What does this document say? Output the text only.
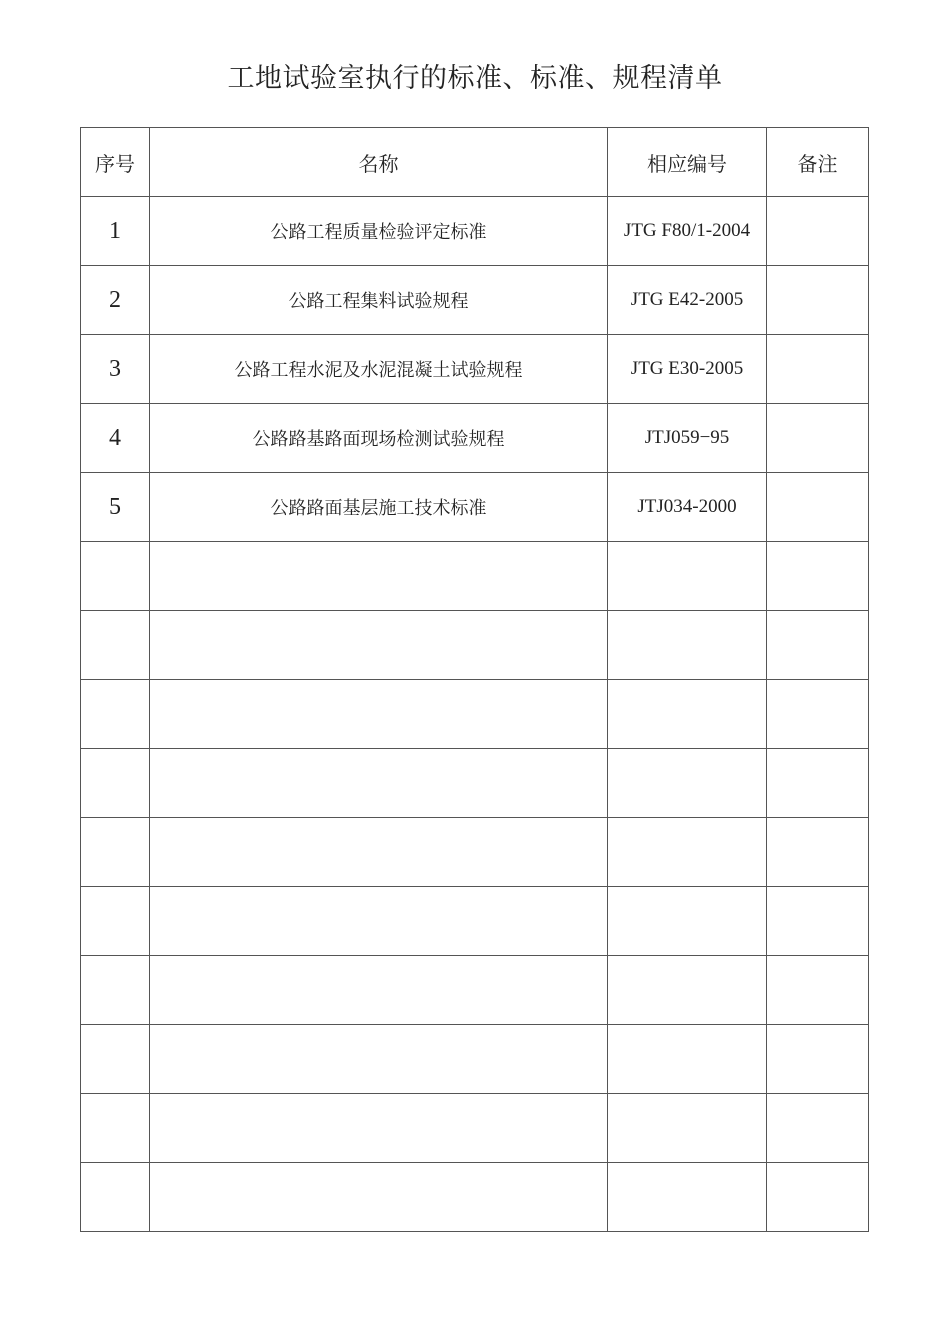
工地试验室执行的标准、标准、规程清单
序号	名称	相应编号	备注
1	公路工程质量检验评定标准	JTG F80/1-2004	
2	公路工程集料试验规程	JTG E42-2005	
3	公路工程水泥及水泥混凝土试验规程	JTG E30-2005	
4	公路路基路面现场检测试验规程	JTJ059−95	
5	公路路面基层施工技术标准	JTJ034-2000	
